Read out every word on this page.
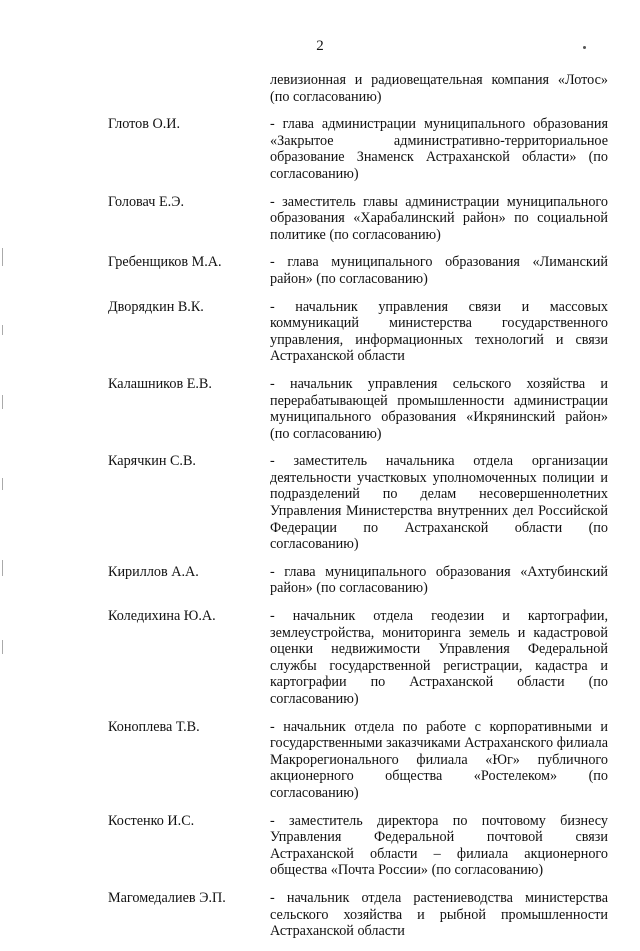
2
левизионная и радиовещательная компания «Лотос» (по согласованию)
Глотов О.И.	- глава администрации муниципального образования «Закрытое административно-территориальное образование Знаменск Астраханской области» (по согласованию)
Головач Е.Э.	- заместитель главы администрации муниципального образования «Харабалинский район» по социальной политике (по согласованию)
Гребенщиков М.А.	- глава муниципального образования «Лиманский район» (по согласованию)
Дворядкин В.К.	- начальник управления связи и массовых коммуникаций министерства государственного управления, информационных технологий и связи Астраханской области
Калашников Е.В.	- начальник управления сельского хозяйства и перерабатывающей промышленности администрации муниципального образования «Икрянинский район» (по согласованию)
Карячкин С.В.	- заместитель начальника отдела организации деятельности участковых уполномоченных полиции и подразделений по делам несовершеннолетних Управления Министерства внутренних дел Российской Федерации по Астраханской области (по согласованию)
Кириллов А.А.	- глава муниципального образования «Ахтубинский район» (по согласованию)
Коледихина Ю.А.	- начальник отдела геодезии и картографии, землеустройства, мониторинга земель и кадастровой оценки недвижимости Управления Федеральной службы государственной регистрации, кадастра и картографии по Астраханской области (по согласованию)
Коноплева Т.В.	- начальник отдела по работе с корпоративными и государственными заказчиками Астраханского филиала Макрорегионального филиала «Юг» публичного акционерного общества «Ростелеком» (по согласованию)
Костенко И.С.	- заместитель директора по почтовому бизнесу Управления Федеральной почтовой связи Астраханской области – филиала акционерного общества «Почта России» (по согласованию)
Магомедалиев Э.П.	- начальник отдела растениеводства министерства сельского хозяйства и рыбной промышленности Астраханской области
